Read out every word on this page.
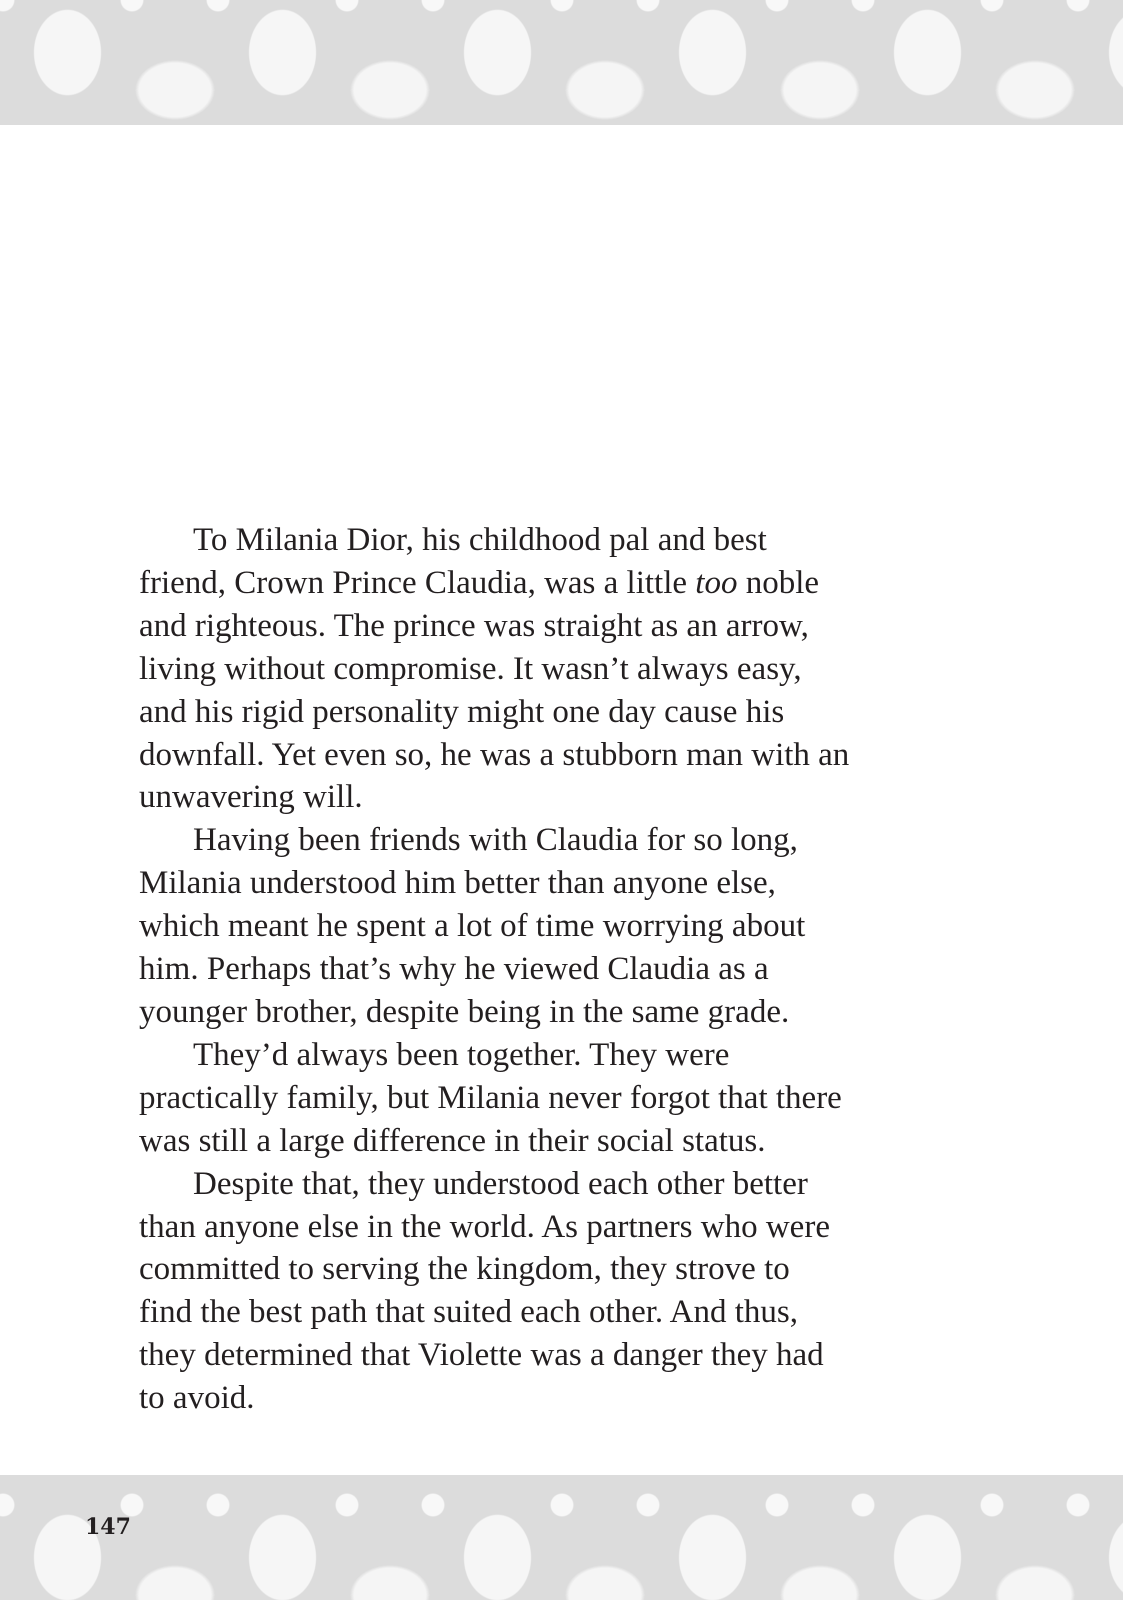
To Milania Dior, his childhood pal and best
friend, Crown Prince Claudia, was a little too noble
and righteous. The prince was straight as an arrow,
living without compromise. It wasn’t always easy,
and his rigid personality might one day cause his
downfall. Yet even so, he was a stubborn man with an
unwavering will.
Having been friends with Claudia for so long,
Milania understood him better than anyone else,
which meant he spent a lot of time worrying about
him. Perhaps that’s why he viewed Claudia as a
younger brother, despite being in the same grade.
They’d always been together. They were
practically family, but Milania never forgot that there
was still a large difference in their social status.
Despite that, they understood each other better
than anyone else in the world. As partners who were
committed to serving the kingdom, they strove to
find the best path that suited each other. And thus,
they determined that Violette was a danger they had
to avoid.
147
